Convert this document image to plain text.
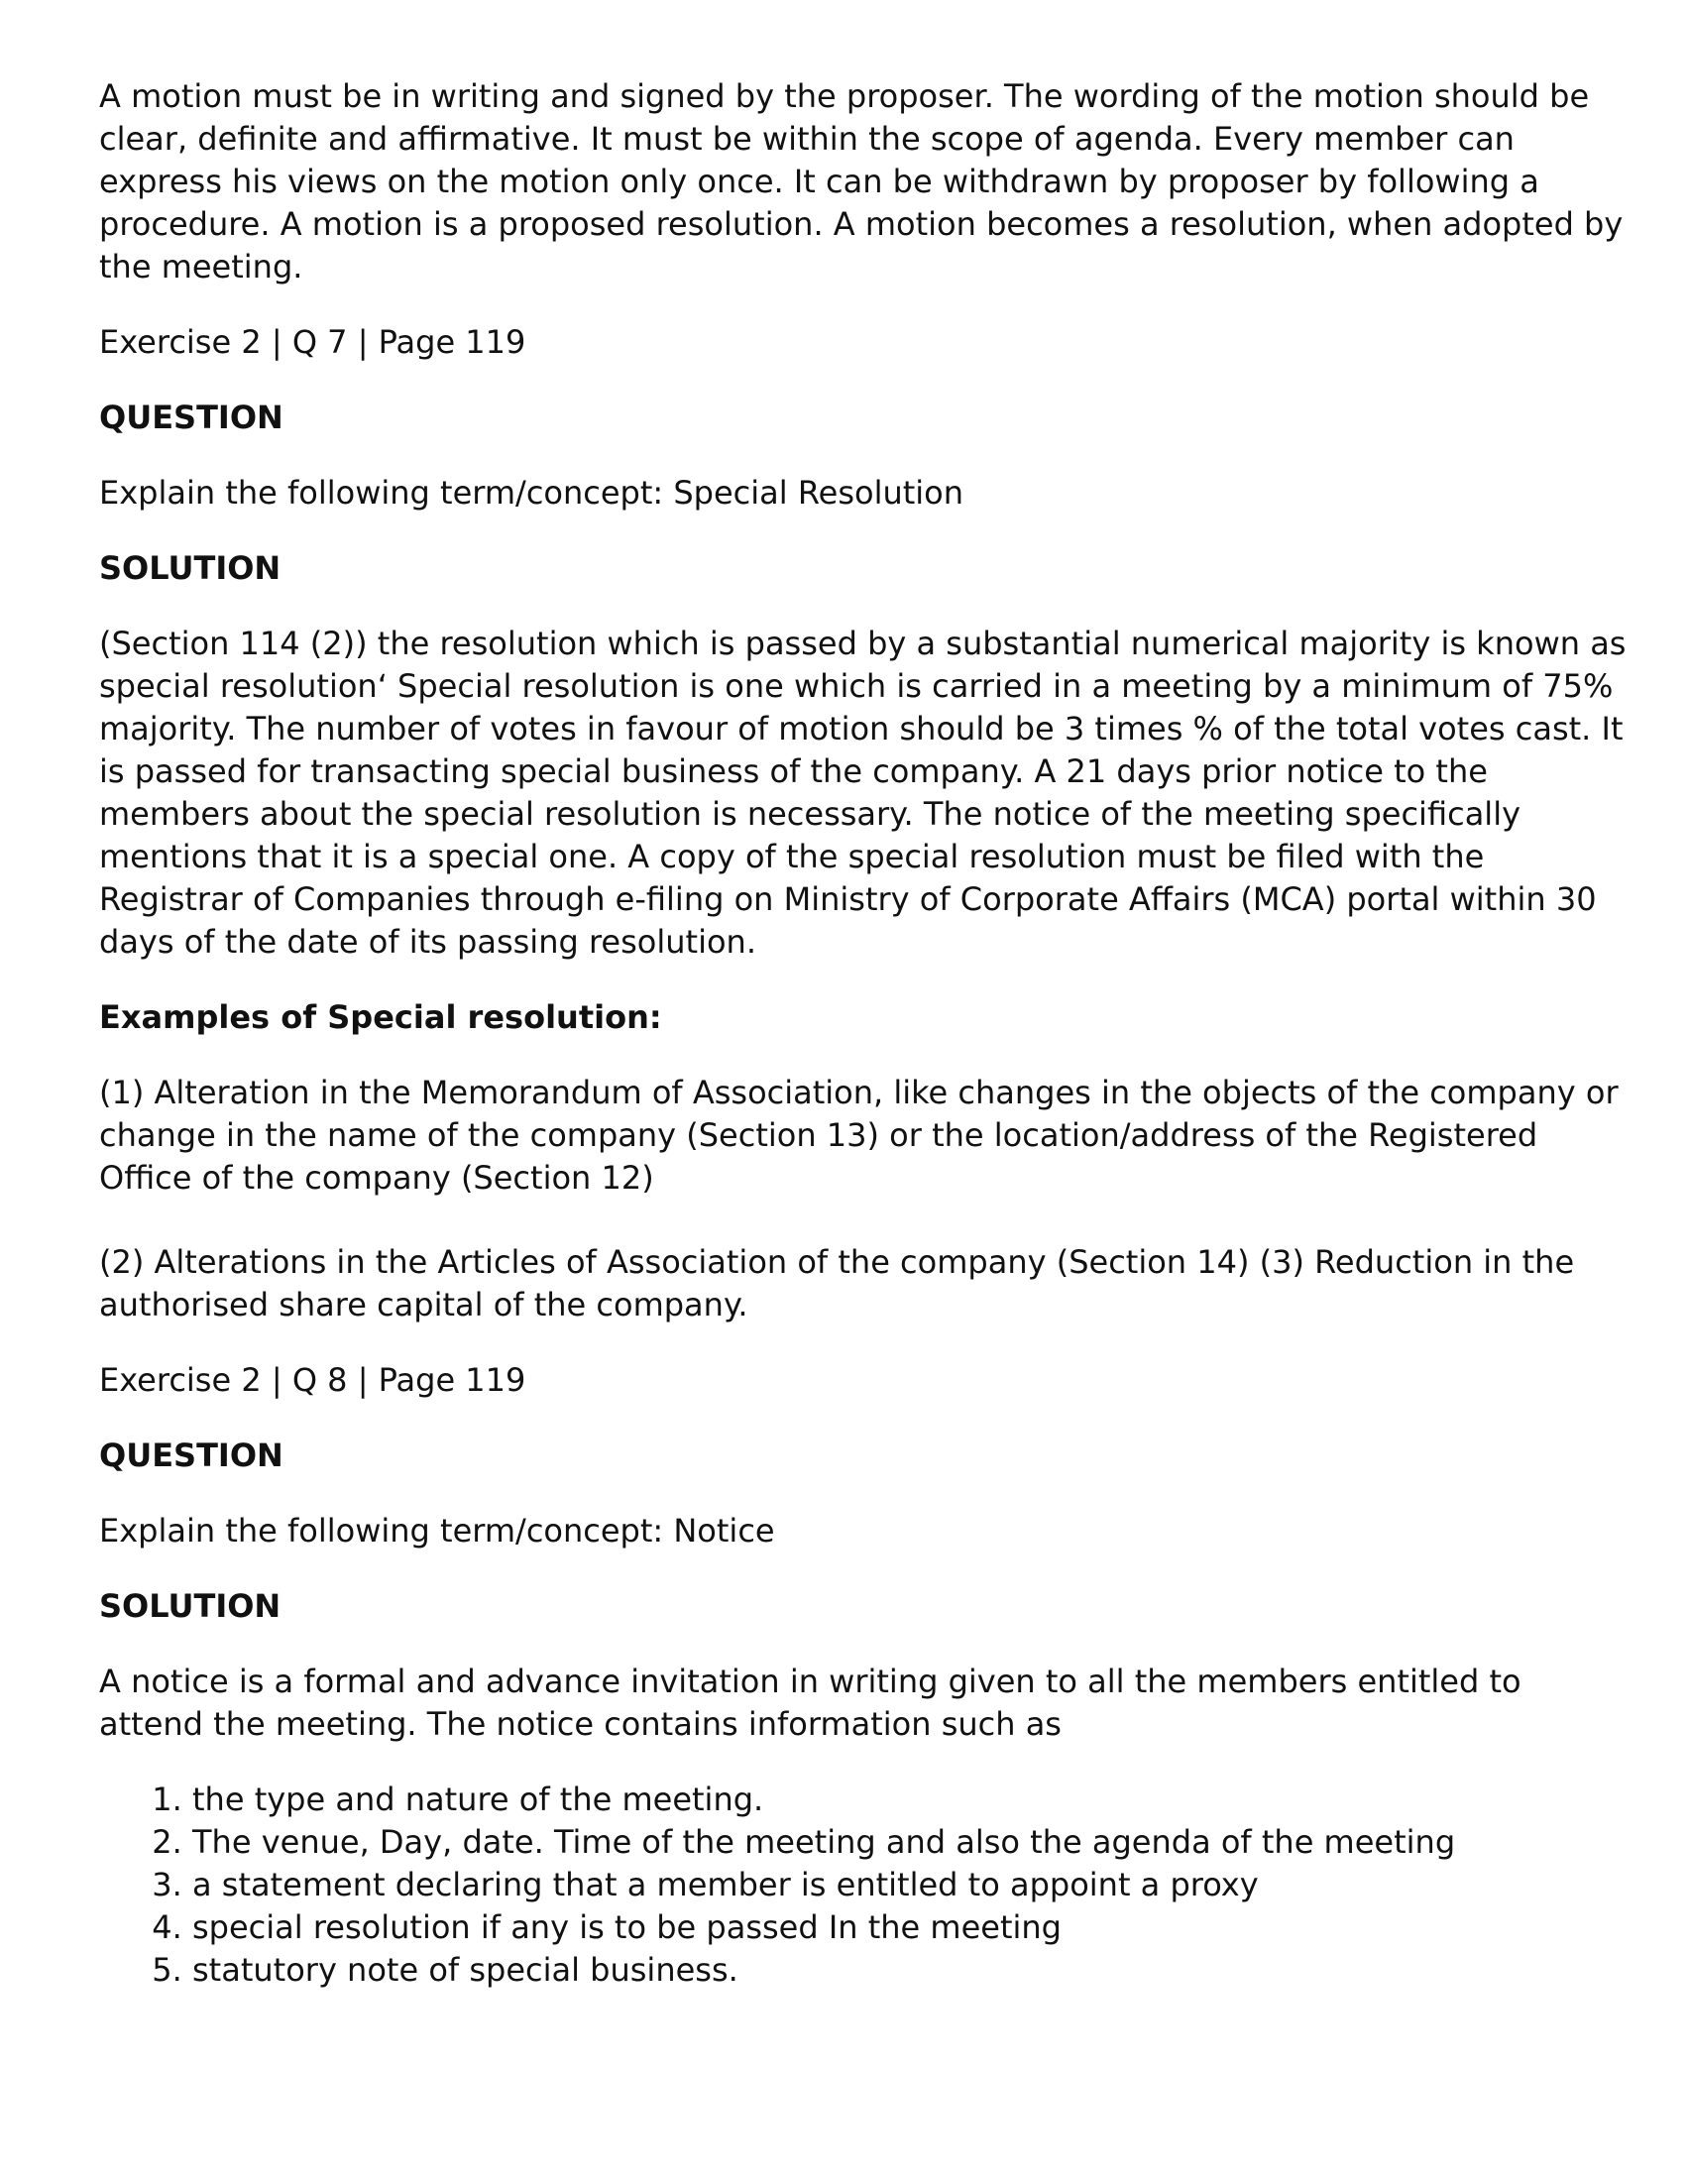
A motion must be in writing and signed by the proposer. The wording of the motion should be clear, definite and affirmative. It must be within the scope of agenda. Every member can express his views on the motion only once. It can be withdrawn by proposer by following a procedure. A motion is a proposed resolution. A motion becomes a resolution, when adopted by the meeting.

Exercise 2 | Q 7 | Page 119

QUESTION

Explain the following term/concept: Special Resolution

SOLUTION

(Section 114 (2)) the resolution which is passed by a substantial numerical majority is known as special resolution‘ Special resolution is one which is carried in a meeting by a minimum of 75% majority. The number of votes in favour of motion should be 3 times % of the total votes cast. It is passed for transacting special business of the company. A 21 days prior notice to the members about the special resolution is necessary. The notice of the meeting specifically mentions that it is a special one. A copy of the special resolution must be filed with the Registrar of Companies through e-filing on Ministry of Corporate Affairs (MCA) portal within 30 days of the date of its passing resolution.

Examples of Special resolution:

(1) Alteration in the Memorandum of Association, like changes in the objects of the company or change in the name of the company (Section 13) or the location/address of the Registered Office of the company (Section 12)

(2) Alterations in the Articles of Association of the company (Section 14) (3) Reduction in the authorised share capital of the company.

Exercise 2 | Q 8 | Page 119

QUESTION

Explain the following term/concept: Notice

SOLUTION

A notice is a formal and advance invitation in writing given to all the members entitled to attend the meeting. The notice contains information such as

1. the type and nature of the meeting.
2. The venue, Day, date. Time of the meeting and also the agenda of the meeting
3. a statement declaring that a member is entitled to appoint a proxy
4. special resolution if any is to be passed In the meeting
5. statutory note of special business.
